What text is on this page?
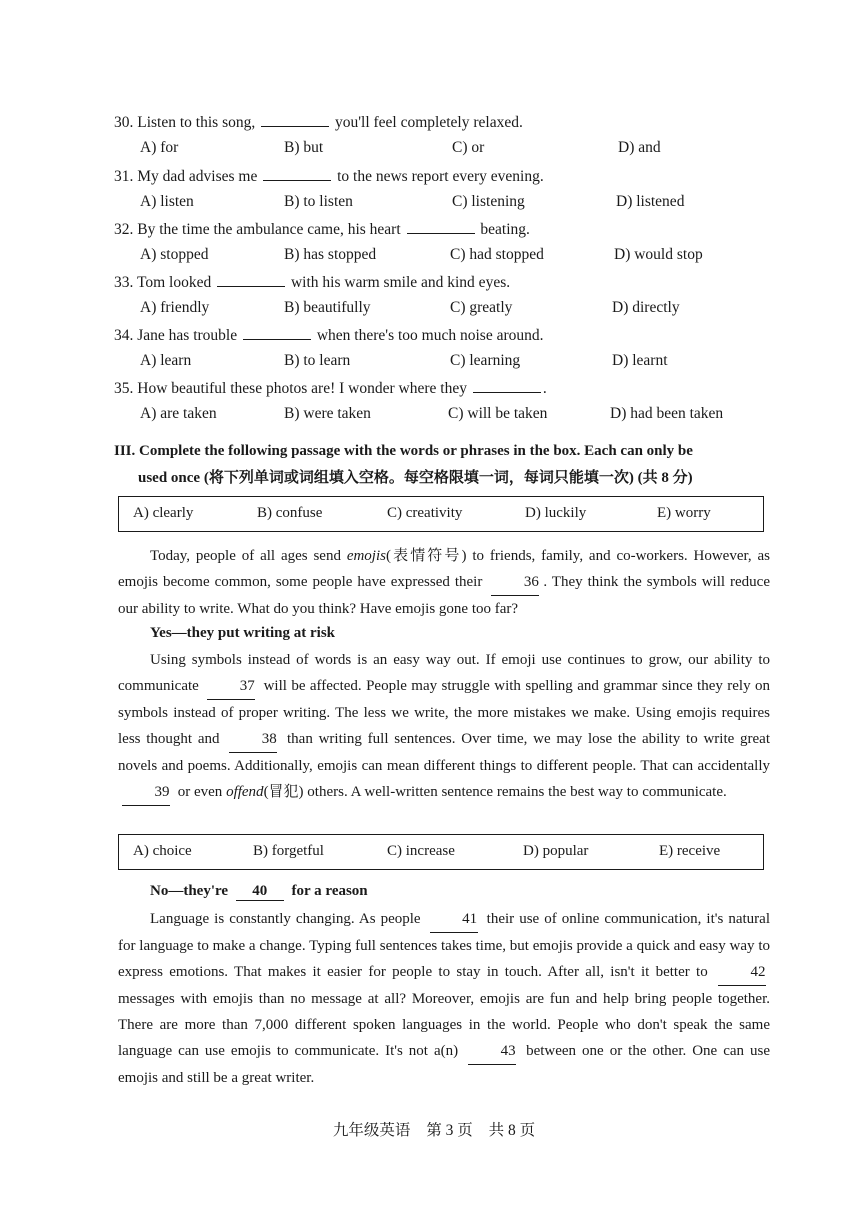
30. Listen to this song,	you'll feel completely relaxed.
A) for	B) but	C) or	D) and
31. My dad advises me	to the news report every evening.
A) listen	B) to listen	C) listening	D) listened
32. By the time the ambulance came, his heart	beating.
A) stopped	B) has stopped	C) had stopped	D) would stop
33. Tom looked	with his warm smile and kind eyes.
A) friendly	B) beautifully	C) greatly	D) directly
34. Jane has trouble	when there's too much noise around.
A) learn	B) to learn	C) learning	D) learnt
35. How beautiful these photos are! I wonder where they	.
A) are taken	B) were taken	C) will be taken	D) had been taken
III. Complete the following passage with the words or phrases in the box. Each can only be
used once (将下列单词或词组填入空格。每空格限填一词，每词只能填一次) (共 8 分)
A) clearly	B) confuse	C) creativity	D) luckily	E) worry

Today, people of all ages send emojis(表情符号) to friends, family, and co-workers. However, as emojis become common, some people have expressed their 36 . They think the symbols will reduce our ability to write. What do you think? Have emojis gone too far?

Yes—they put writing at risk

Using symbols instead of words is an easy way out. If emoji use continues to grow, our ability to communicate 37 will be affected. People may struggle with spelling and grammar since they rely on symbols instead of proper writing. The less we write, the more mistakes we make. Using emojis requires less thought and 38 than writing full sentences. Over time, we may lose the ability to write great novels and poems. Additionally, emojis can mean different things to different people. That can accidentally 39 or even offend(冒犯) others. A well-written sentence remains the best way to communicate.

A) choice	B) forgetful	C) increase	D) popular	E) receive
No—they're 40 for a reason

Language is constantly changing. As people 41 their use of online communication, it's natural for language to make a change. Typing full sentences takes time, but emojis provide a quick and easy way to express emotions. That makes it easier for people to stay in touch. After all, isn't it better to 42 messages with emojis than no message at all? Moreover, emojis are fun and help bring people together. There are more than 7,000 different spoken languages in the world. People who don't speak the same language can use emojis to communicate. It's not a(n) 43 between one or the other. One can use emojis and still be a great writer.

九年级英语 第 3 页 共 8 页
